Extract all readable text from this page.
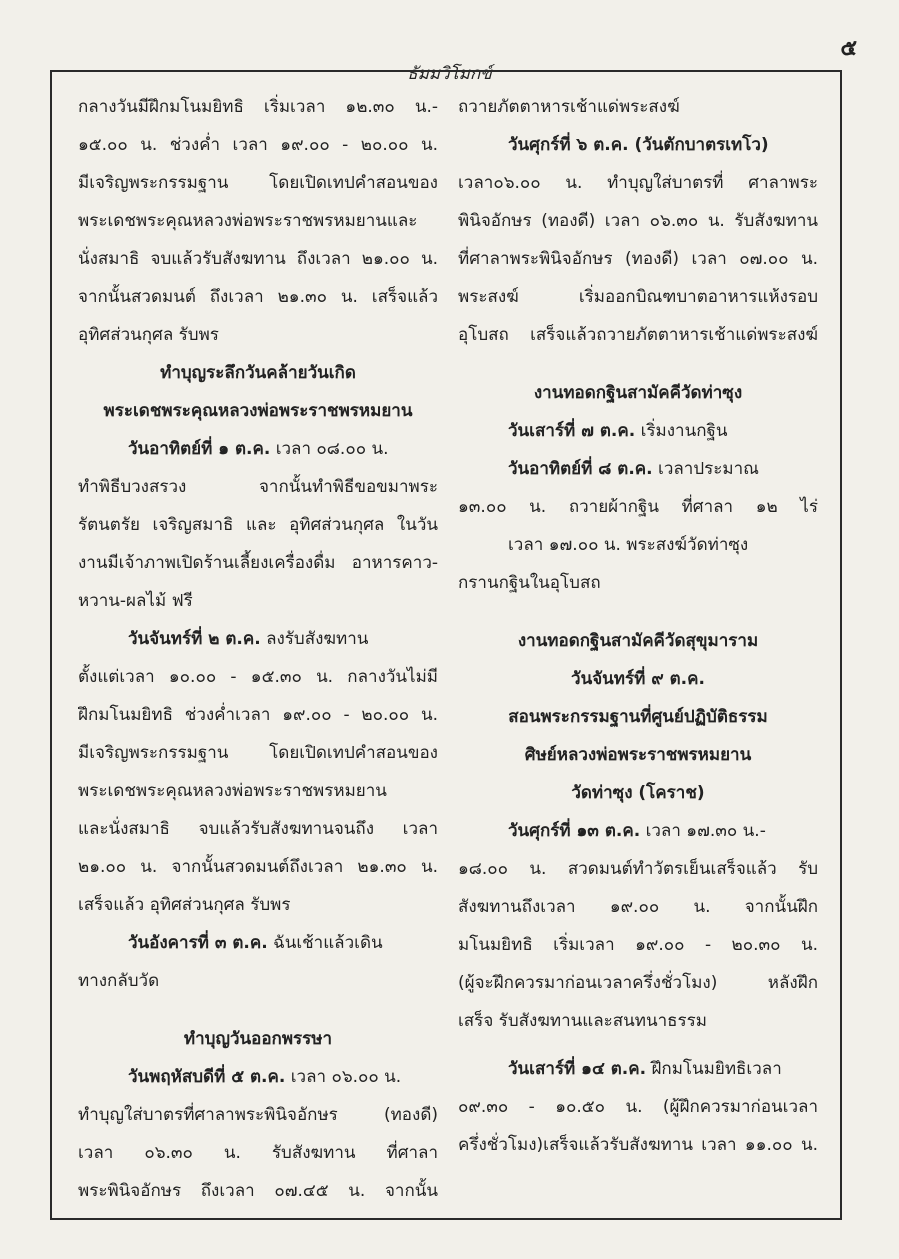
๕
ธัมมวิโมกข์
กลางวันมีฝึกมโนมยิทธิ เริ่มเวลา ๑๒.๓๐ น.-
๑๕.๐๐ น. ช่วงค่ำ เวลา ๑๙.๐๐ - ๒๐.๐๐ น.
มีเจริญพระกรรมฐาน โดยเปิดเทปคำสอนของ
พระเดชพระคุณหลวงพ่อพระราชพรหมยานและ
นั่งสมาธิ จบแล้วรับสังฆทาน ถึงเวลา ๒๑.๐๐ น.
จากนั้นสวดมนต์ ถึงเวลา ๒๑.๓๐ น. เสร็จแล้ว
อุทิศส่วนกุศล รับพร
ทำบุญระลึกวันคล้ายวันเกิด
พระเดชพระคุณหลวงพ่อพระราชพรหมยาน
วันอาทิตย์ที่ ๑ ต.ค. เวลา ๐๘.๐๐ น.
ทำพิธีบวงสรวง จากนั้นทำพิธีขอขมาพระ
รัตนตรัย เจริญสมาธิ และ อุทิศส่วนกุศล ในวัน
งานมีเจ้าภาพเปิดร้านเลี้ยงเครื่องดื่ม อาหารคาว-
หวาน-ผลไม้ ฟรี
วันจันทร์ที่ ๒ ต.ค. ลงรับสังฆทาน
ตั้งแต่เวลา ๑๐.๐๐ - ๑๕.๓๐ น. กลางวันไม่มี
ฝึกมโนมยิทธิ ช่วงค่ำเวลา ๑๙.๐๐ - ๒๐.๐๐ น.
มีเจริญพระกรรมฐาน โดยเปิดเทปคำสอนของ
พระเดชพระคุณหลวงพ่อพระราชพรหมยาน
และนั่งสมาธิ จบแล้วรับสังฆทานจนถึง เวลา
๒๑.๐๐ น. จากนั้นสวดมนต์ถึงเวลา ๒๑.๓๐ น.
เสร็จแล้ว อุทิศส่วนกุศล รับพร
วันอังคารที่ ๓ ต.ค. ฉันเช้าแล้วเดิน
ทางกลับวัด
ทำบุญวันออกพรรษา
วันพฤหัสบดีที่ ๕ ต.ค. เวลา ๐๖.๐๐ น.
ทำบุญใส่บาตรที่ศาลาพระพินิจอักษร (ทองดี)
เวลา ๐๖.๓๐ น. รับสังฆทาน ที่ศาลา
พระพินิจอักษร ถึงเวลา ๐๗.๔๕ น. จากนั้น
ถวายภัตตาหารเช้าแด่พระสงฆ์
วันศุกร์ที่ ๖ ต.ค. (วันตักบาตรเทโว)
เวลา๐๖.๐๐ น. ทำบุญใส่บาตรที่ ศาลาพระ
พินิจอักษร (ทองดี) เวลา ๐๖.๓๐ น. รับสังฆทาน
ที่ศาลาพระพินิจอักษร (ทองดี) เวลา ๐๗.๐๐ น.
พระสงฆ์ เริ่มออกบิณฑบาตอาหารแห้งรอบ
อุโบสถ เสร็จแล้วถวายภัตตาหารเช้าแด่พระสงฆ์
งานทอดกฐินสามัคคีวัดท่าซุง
วันเสาร์ที่ ๗ ต.ค. เริ่มงานกฐิน
วันอาทิตย์ที่ ๘ ต.ค. เวลาประมาณ
๑๓.๐๐ น. ถวายผ้ากฐิน ที่ศาลา ๑๒ ไร่
เวลา ๑๗.๐๐ น. พระสงฆ์วัดท่าซุง
กรานกฐินในอุโบสถ
งานทอดกฐินสามัคคีวัดสุขุมาราม
วันจันทร์ที่ ๙ ต.ค.
สอนพระกรรมฐานที่ศูนย์ปฏิบัติธรรม
ศิษย์หลวงพ่อพระราชพรหมยาน
วัดท่าซุง (โคราช)
วันศุกร์ที่ ๑๓ ต.ค. เวลา ๑๗.๓๐ น.-
๑๘.๐๐ น. สวดมนต์ทำวัตรเย็นเสร็จแล้ว รับ
สังฆทานถึงเวลา ๑๙.๐๐ น. จากนั้นฝึก
มโนมยิทธิ เริ่มเวลา ๑๙.๐๐ - ๒๐.๓๐ น.
(ผู้จะฝึกควรมาก่อนเวลาครึ่งชั่วโมง) หลังฝึก
เสร็จ รับสังฆทานและสนทนาธรรม
วันเสาร์ที่ ๑๔ ต.ค. ฝึกมโนมยิทธิเวลา
๐๙.๓๐ - ๑๐.๕๐ น. (ผู้ฝึกควรมาก่อนเวลา
ครึ่งชั่วโมง)เสร็จแล้วรับสังฆทาน เวลา ๑๑.๐๐ น.
